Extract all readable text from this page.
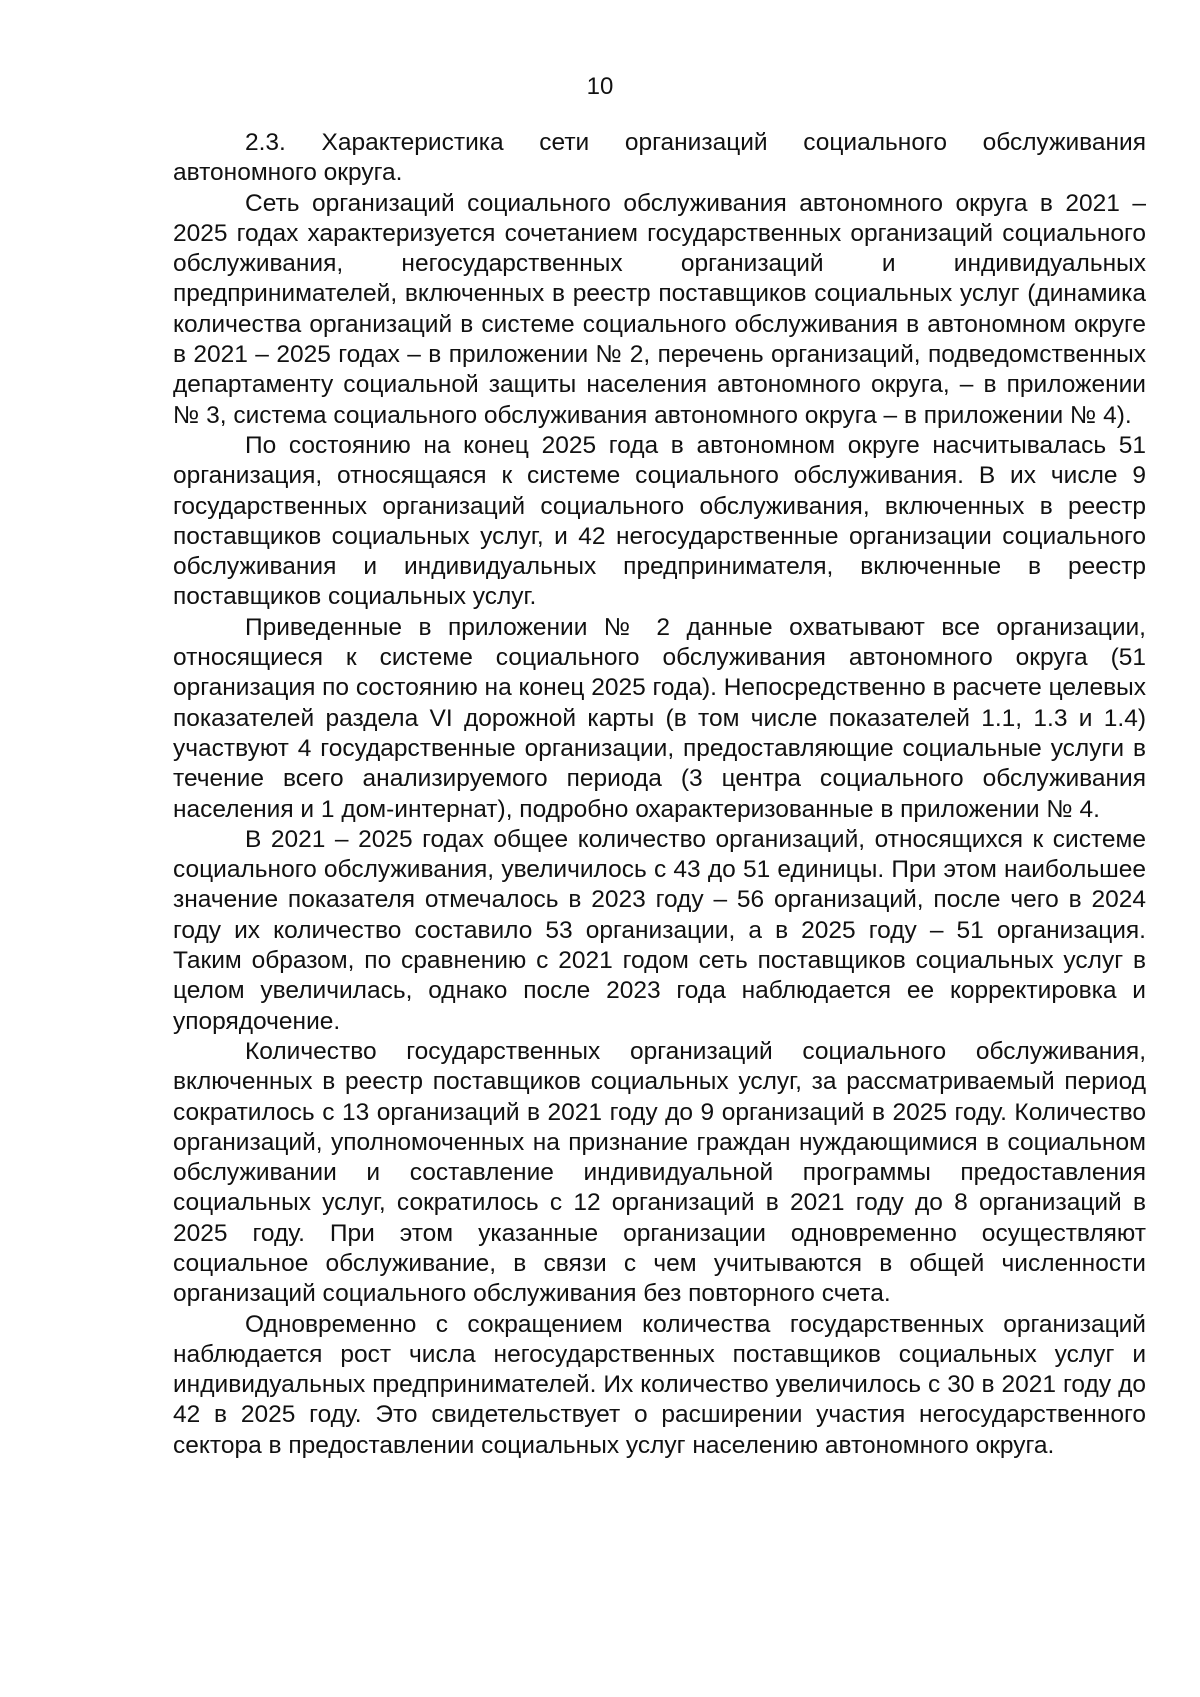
10

2.3. Характеристика сети организаций социального обслуживания автономного округа.

Сеть организаций социального обслуживания автономного округа в 2021 – 2025 годах характеризуется сочетанием государственных организаций социального обслуживания, негосударственных организаций и индивидуальных предпринимателей, включенных в реестр поставщиков социальных услуг (динамика количества организаций в системе социального обслуживания в автономном округе в 2021 – 2025 годах – в приложении № 2, перечень организаций, подведомственных департаменту социальной защиты населения автономного округа, – в приложении № 3, система социального обслуживания автономного округа – в приложении № 4).

По состоянию на конец 2025 года в автономном округе насчитывалась 51 организация, относящаяся к системе социального обслуживания. В их числе 9 государственных организаций социального обслуживания, включенных в реестр поставщиков социальных услуг, и 42 негосударственные организации социального обслуживания и индивидуальных предпринимателя, включенные в реестр поставщиков социальных услуг.

Приведенные в приложении № 2 данные охватывают все организации, относящиеся к системе социального обслуживания автономного округа (51 организация по состоянию на конец 2025 года). Непосредственно в расчете целевых показателей раздела VI дорожной карты (в том числе показателей 1.1, 1.3 и 1.4) участвуют 4 государственные организации, предоставляющие социальные услуги в течение всего анализируемого периода (3 центра социального обслуживания населения и 1 дом-интернат), подробно охарактеризованные в приложении № 4.

В 2021 – 2025 годах общее количество организаций, относящихся к системе социального обслуживания, увеличилось с 43 до 51 единицы. При этом наибольшее значение показателя отмечалось в 2023 году – 56 организаций, после чего в 2024 году их количество составило 53 организации, а в 2025 году – 51 организация. Таким образом, по сравнению с 2021 годом сеть поставщиков социальных услуг в целом увеличилась, однако после 2023 года наблюдается ее корректировка и упорядочение.

Количество государственных организаций социального обслуживания, включенных в реестр поставщиков социальных услуг, за рассматриваемый период сократилось с 13 организаций в 2021 году до 9 организаций в 2025 году. Количество организаций, уполномоченных на признание граждан нуждающимися в социальном обслуживании и составление индивидуальной программы предоставления социальных услуг, сократилось с 12 организаций в 2021 году до 8 организаций в 2025 году. При этом указанные организации одновременно осуществляют социальное обслуживание, в связи с чем учитываются в общей численности организаций социального обслуживания без повторного счета.

Одновременно с сокращением количества государственных организаций наблюдается рост числа негосударственных поставщиков социальных услуг и индивидуальных предпринимателей. Их количество увеличилось с 30 в 2021 году до 42 в 2025 году. Это свидетельствует о расширении участия негосударственного сектора в предоставлении социальных услуг населению автономного округа.
